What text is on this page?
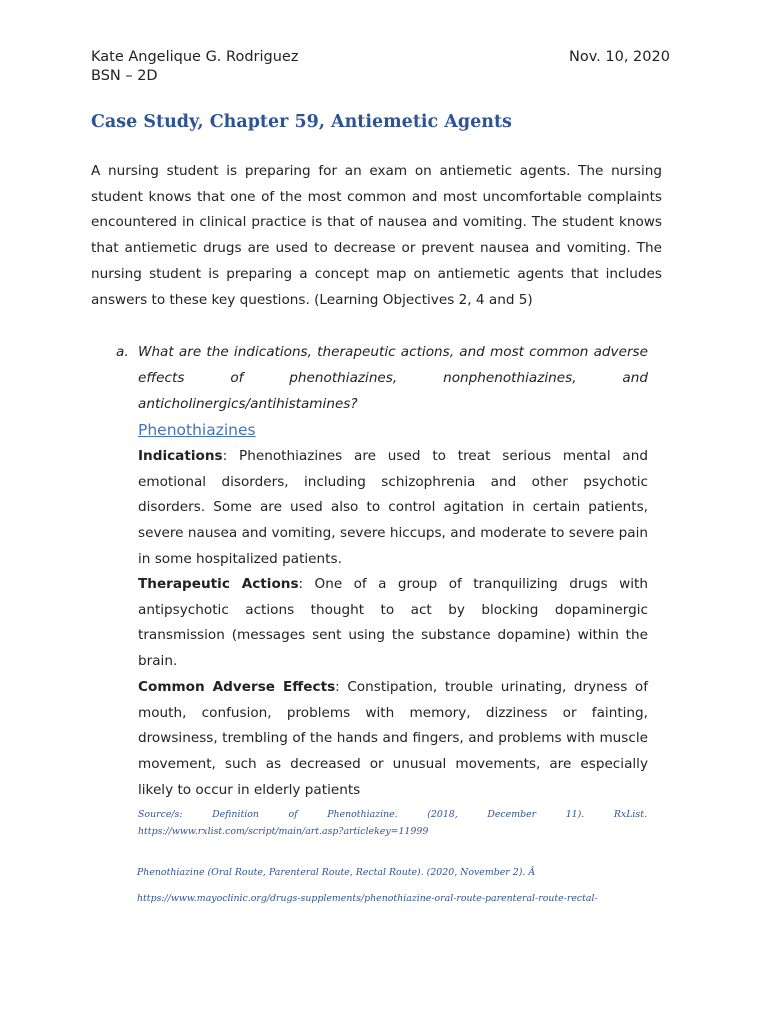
Kate Angelique G. Rodriguez	Nov. 10, 2020
BSN – 2D
Case Study, Chapter 59, Antiemetic Agents
A nursing student is preparing for an exam on antiemetic agents. The nursing student knows that one of the most common and most uncomfortable complaints encountered in clinical practice is that of nausea and vomiting. The student knows that antiemetic drugs are used to decrease or prevent nausea and vomiting. The nursing student is preparing a concept map on antiemetic agents that includes answers to these key questions. (Learning Objectives 2, 4 and 5)
a. What are the indications, therapeutic actions, and most common adverse effects of phenothiazines, nonphenothiazines, and anticholinergics/antihistamines?
Phenothiazines
Indications: Phenothiazines are used to treat serious mental and emotional disorders, including schizophrenia and other psychotic disorders. Some are used also to control agitation in certain patients, severe nausea and vomiting, severe hiccups, and moderate to severe pain in some hospitalized patients.
Therapeutic Actions: One of a group of tranquilizing drugs with antipsychotic actions thought to act by blocking dopaminergic transmission (messages sent using the substance dopamine) within the brain.
Common Adverse Effects: Constipation, trouble urinating, dryness of mouth, confusion, problems with memory, dizziness or fainting, drowsiness, trembling of the hands and fingers, and problems with muscle movement, such as decreased or unusual movements, are especially likely to occur in elderly patients
Source/s: Definition of Phenothiazine. (2018, December 11). RxList. https://www.rxlist.com/script/main/art.asp?articlekey=11999
Phenothiazine (Oral Route, Parenteral Route, Rectal Route). (2020, November 2). Â
https://www.mayoclinic.org/drugs-supplements/phenothiazine-oral-route-parenteral-route-rectal-
